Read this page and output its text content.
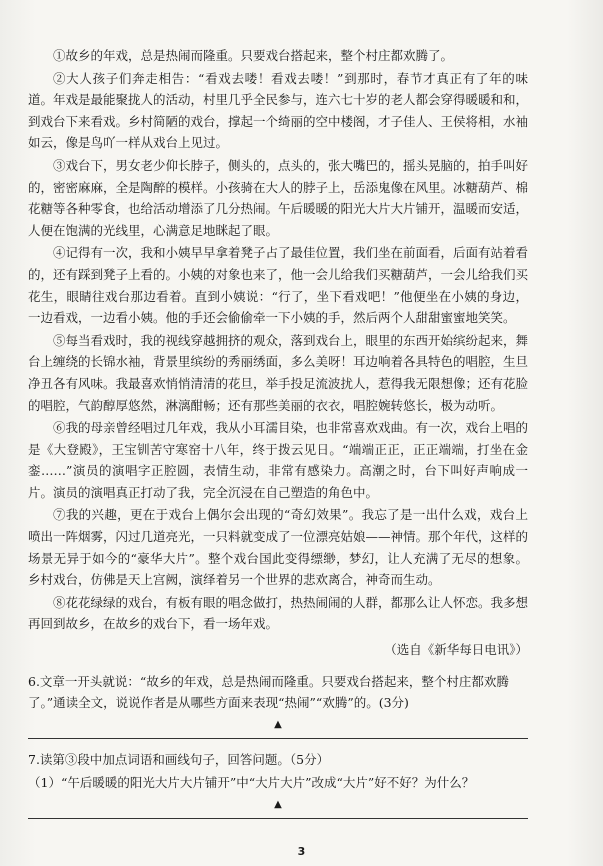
①故乡的年戏，总是热闹而隆重。只要戏台搭起来，整个村庄都欢腾了。

②大人孩子们奔走相告：“看戏去喽！看戏去喽！”到那时，春节才真正有了年的味道。年戏是最能聚拢人的活动，村里几乎全民参与，连六七十岁的老人都会穿得暖暖和和，到戏台下来看戏。乡村简陋的戏台，撑起一个绮丽的空中楼阁，才子佳人、王侯将相，水袖如云，像是鸟吖一样从戏台上见过。

③戏台下，男女老少仰长脖子，侧头的，点头的，张大嘴巴的，摇头晃脑的，拍手叫好的，密密麻麻，全是陶醉的模样。小孩骑在大人的脖子上，岳添鬼像在风里。冰糖葫芦、棉花糖等各种零食，也给活动增添了几分热闹。午后暖暖的阳光大片大片铺开，温暖而安适，人便在饱满的光线里，心满意足地眯起了眼。

④记得有一次，我和小姨早早拿着凳子占了最佳位置，我们坐在前面看，后面有站着看的，还有踩到凳子上看的。小姨的对象也来了，他一会儿给我们买糖葫芦，一会儿给我们买花生，眼睛往戏台那边看着。直到小姨说：“行了，坐下看戏吧！”他便坐在小姨的身边，一边看戏，一边看小姨。他的手还会偷偷牵一下小姨的手，然后两个人甜甜蜜蜜地笑笑。

⑤每当看戏时，我的视线穿越拥挤的观众，落到戏台上，眼里的东西开始缤纷起来，舞台上缠绕的长锦水袖，背景里缤纷的秀丽绣面，多么美呀！耳边响着各具特色的唱腔，生旦净丑各有风味。我最喜欢悄悄清清的花旦，举手投足流波扰人，惹得我无限想像；还有花脸的唱腔，气韵醇厚悠然，淋漓酣畅；还有那些美丽的衣衣，唱腔婉转悠长，极为动听。

⑥我的母亲曾经唱过几年戏，我从小耳濡目染，也非常喜欢戏曲。有一次，戏台上唱的是《大登殿》，王宝钏苦守寒窑十八年，终于拨云见日。“端端正正，正正端端，打坐在金銮……”演员的演唱字正腔圆，表情生动，非常有感染力。高潮之时，台下叫好声响成一片。演员的演唱真正打动了我，完全沉浸在自己塑造的角色中。

⑦我的兴趣，更在于戏台上偶尔会出现的“奇幻效果”。我忘了是一出什么戏，戏台上喷出一阵烟雾，闪过几道亮光，一只料就变成了一位漂亮姑娘——神情。那个年代，这样的场景无异于如今的“豪华大片”。整个戏台国此变得缥缈，梦幻，让人充满了无尽的想象。乡村戏台，仿佛是天上宫阙，演绎着另一个世界的悲欢离合，神奇而生动。

⑧花花绿绿的戏台，有板有眼的唱念做打，热热闹闹的人群，都那么让人怀恋。我多想再回到故乡，在故乡的戏台下，看一场年戏。

（选自《新华每日电讯》）

6.文章一开头就说：“故乡的年戏，总是热闹而隆重。只要戏台搭起来，整个村庄都欢腾了。”通读全文，说说作者是从哪些方面来表现“热闹”“欢腾”的。(3分)

▲

7.读第③段中加点词语和画线句子，回答问题。（5分）

（1）“午后暖暖的阳光大片大片铺开”中“大片大片”改成“大片”好不好？为什么？

▲
3
